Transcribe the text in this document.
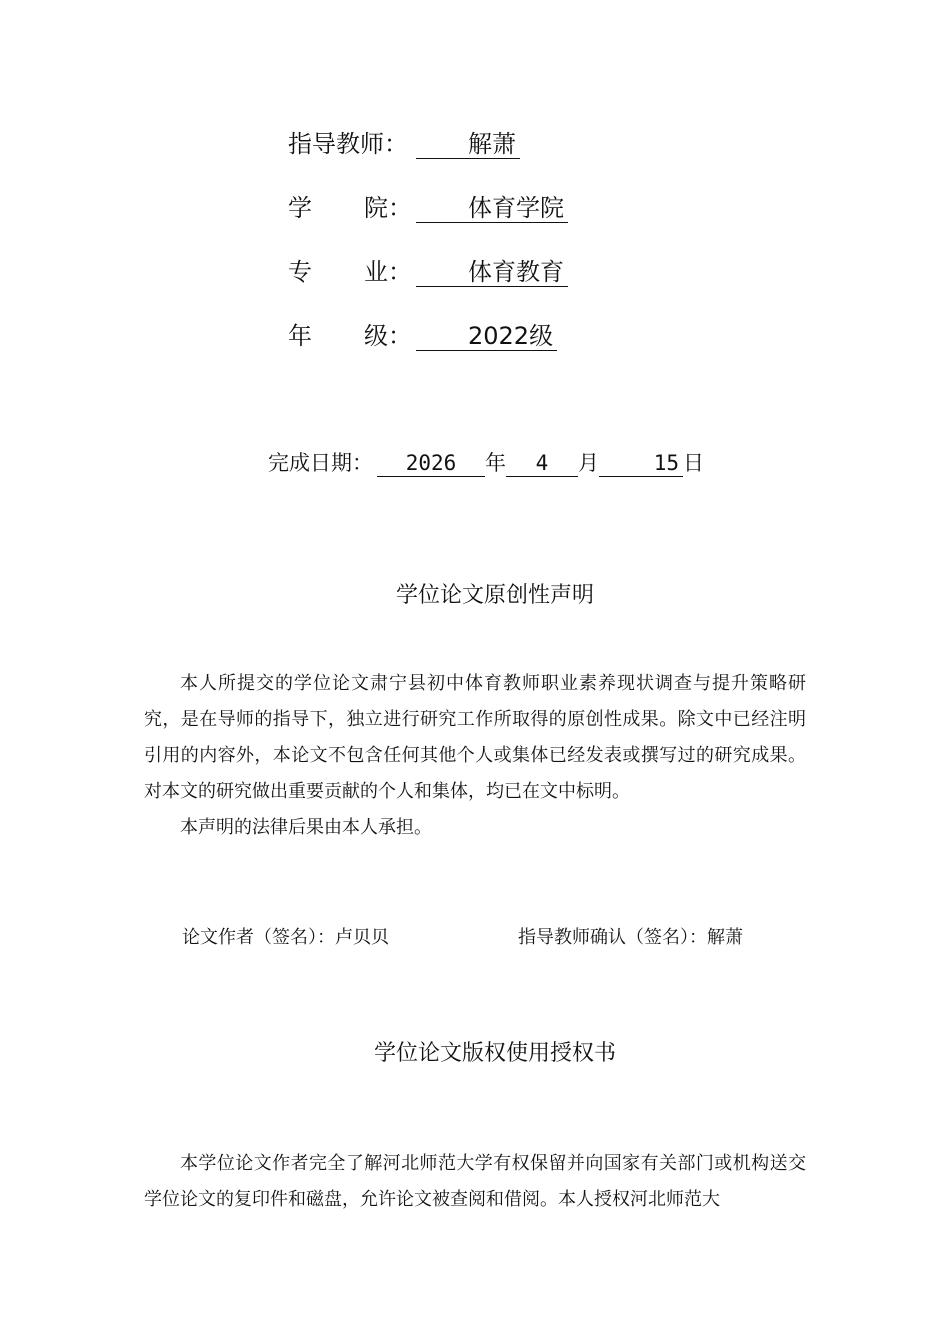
指导教师：	解萧
学 院： 体育学院
专 业： 体育教育
年 级： 2022级
完成日期： 2026 年 4 月	15 日
学位论文原创性声明
本人所提交的学位论文肃宁县初中体育教师职业素养现状调查与提升策略研究，是在导师的指导下，独立进行研究工作所取得的原创性成果。除文中已经注明引用的内容外，本论文不包含任何其他个人或集体已经发表或撰写过的研究成果。对本文的研究做出重要贡献的个人和集体，均已在文中标明。
本声明的法律后果由本人承担。
论文作者（签名）：卢贝贝	指导教师确认（签名）：解萧
学位论文版权使用授权书
本学位论文作者完全了解河北师范大学有权保留并向国家有关部门或机构送交学位论文的复印件和磁盘，允许论文被查阅和借阅。本人授权河北师范大
